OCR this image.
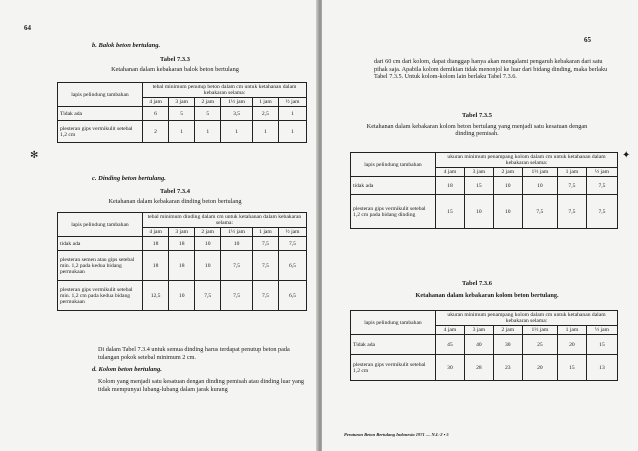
64
✻
b. Balok beton bertulang.
Tabel 7.3.3
Ketahanan dalam kebakaran balok beton bertulang
lapis pelindung tambahan	tebal minimum penutup beton dalam cm untuk ketahanan dalam kebakaran selama:					
	4 jam	3 jam	2 jam	1½ jam	1 jam	½ jam
Tidak ada	6	5	5	3,5	2,5	1
plesteran gips vermikulit setebal 1,2 cm	2	1	1	1	1	1
c. Dinding beton bertulang.
Tabel 7.3.4
Ketahanan dalam kebakaran dinding beton bertulang
lapis pelindung tambahan	tebal minimum dinding dalam cm untuk ketahanan dalam kebakaran selama:					
	4 jam	3 jam	2 jam	1½ jam	1 jam	½ jam
tidak ada	18	18	10	10	7,5	7,5
plesteran semen atau gips setebal min. 1,2 pada kedua bidang permukaan	18	18	10	7,5	7,5	6,5
plesteran gips vermikulit setebal min. 1,2 cm pada kedua bidang permukaan	12,5	10	7,5	7,5	7,5	6,5
Di dalam Tabel 7.3.4 untuk semua dinding harus terdapat penutup beton pada tulangan pokok setebal minimum 2 cm.
d. Kolom beton bertulang.
Kolom yang menjadi satu kesatuan dengan dinding pemisah atau dinding luar yang tidak mempunyai lubang-lubang dalam jarak kurang
65
✦
dari 60 cm dari kolom, dapat dianggap hanya akan mengalami pengaruh kebakaran dari satu pihak saja. Apabila kolom demikian tidak menonjol ke luar dari bidang dinding, maka berlaku Tabel 7.3.5. Untuk kolom-kolom lain berlaku Tabel 7.3.6.
Tabel 7.3.5
Ketahanan dalam kebakaran kolom beton bertulang yang menjadi satu kesatuan dengan dinding pemisah.
lapis pelindung tambahan	ukuran minimum penampang kolom dalam cm untuk ketahanan dalam kebakaran selama:					
	4 jam	3 jam	2 jam	1½ jam	1 jam	½ jam
tidak ada	18	15	10	10	7,5	7,5
plesteran gips vermikulit setebal 1,2 cm pada bidang dinding	15	10	10	7,5	7,5	7,5
Tabel 7.3.6
Ketahanan dalam kebakaran kolom beton bertulang.
lapis pelindung tambahan	ukuran minimum penampang kolom dalam cm untuk ketahanan dalam kebakaran selama:					
	4 jam	3 jam	2 jam	1½ jam	1 jam	½ jam
Tidak ada	45	40	30	25	20	15
plesteran gips vermikulit setebal 1,2 cm	30	28	23	20	15	13
Peraturan Beton Bertulang Indonesia 1971 — N.I.-2 ▪ 5
